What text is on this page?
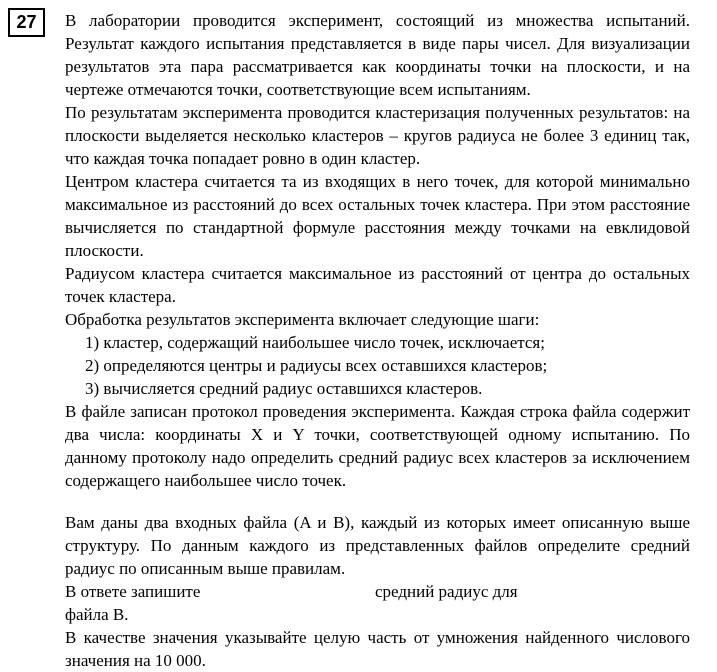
27 В лаборатории проводится эксперимент, состоящий из множества испытаний. Результат каждого испытания представляется в виде пары чисел. Для визуализации результатов эта пара рассматривается как координаты точки на плоскости, и на чертеже отмечаются точки, соответствующие всем испытаниям.

По результатам эксперимента проводится кластеризация полученных результатов: на плоскости выделяется несколько кластеров – кругов радиуса не более 3 единиц так, что каждая точка попадает ровно в один кластер.

Центром кластера считается та из входящих в него точек, для которой минимально максимальное из расстояний до всех остальных точек кластера. При этом расстояние вычисляется по стандартной формуле расстояния между точками на евклидовой плоскости.

Радиусом кластера считается максимальное из расстояний от центра до остальных точек кластера.

Обработка результатов эксперимента включает следующие шаги:

1) кластер, содержащий наибольшее число точек, исключается;
2) определяются центры и радиусы всех оставшихся кластеров;
3) вычисляется средний радиус оставшихся кластеров.

В файле записан протокол проведения эксперимента. Каждая строка файла содержит два числа: координаты X и Y точки, соответствующей одному испытанию. По данному протоколу надо определить средний радиус всех кластеров за исключением содержащего наибольшее число точек.

Вам даны два входных файла (A и B), каждый из которых имеет описанную выше структуру. По данным каждого из представленных файлов определите средний радиус по описанным выше правилам.

В ответе запишите	средний радиус для

файла B.

В качестве значения указывайте целую часть от умножения найденного числового значения на 10 000.
